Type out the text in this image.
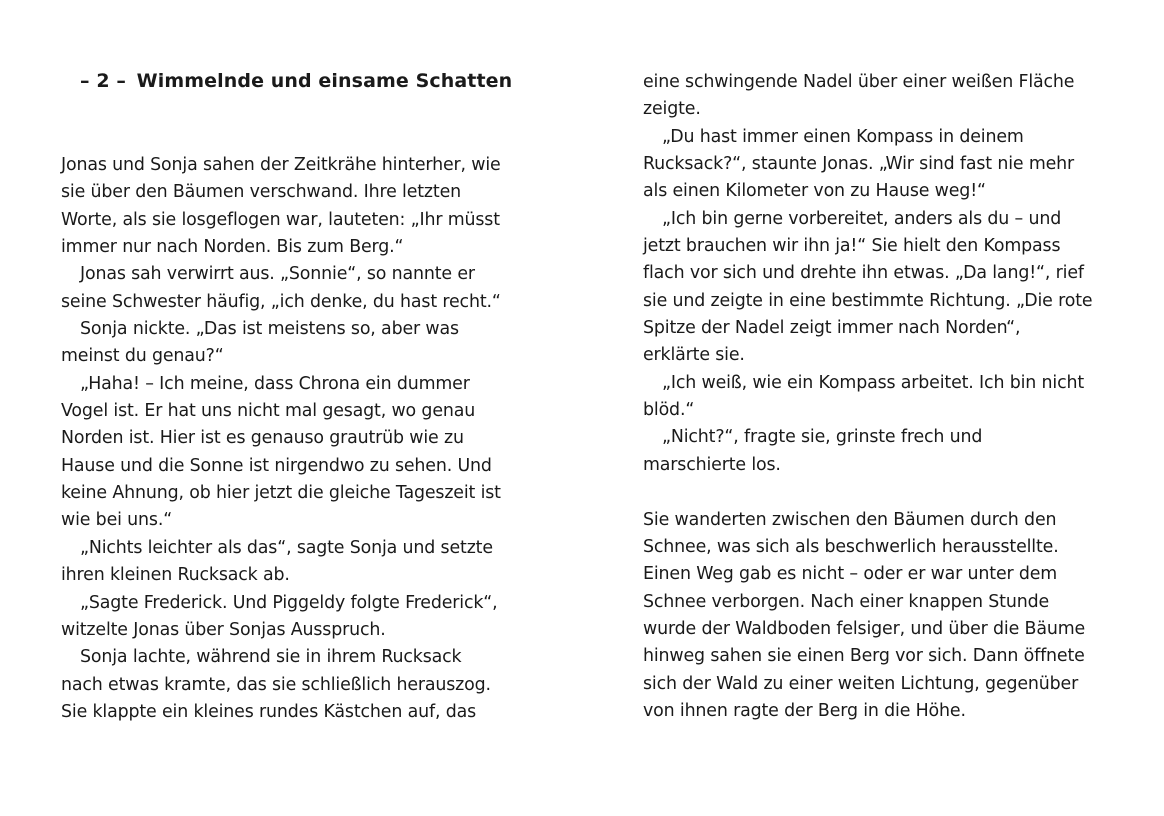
– 2 – Wimmelnde und einsame Schatten
Jonas und Sonja sahen der Zeitkrähe hinterher, wie
sie über den Bäumen verschwand. Ihre letzten
Worte, als sie losgeflogen war, lauteten: „Ihr müsst
immer nur nach Norden. Bis zum Berg.“
Jonas sah verwirrt aus. „Sonnie“, so nannte er
seine Schwester häufig, „ich denke, du hast recht.“
Sonja nickte. „Das ist meistens so, aber was
meinst du genau?“
„Haha! – Ich meine, dass Chrona ein dummer
Vogel ist. Er hat uns nicht mal gesagt, wo genau
Norden ist. Hier ist es genauso grautrüb wie zu
Hause und die Sonne ist nirgendwo zu sehen. Und
keine Ahnung, ob hier jetzt die gleiche Tageszeit ist
wie bei uns.“
„Nichts leichter als das“, sagte Sonja und setzte
ihren kleinen Rucksack ab.
„Sagte Frederick. Und Piggeldy folgte Frederick“,
witzelte Jonas über Sonjas Ausspruch.
Sonja lachte, während sie in ihrem Rucksack
nach etwas kramte, das sie schließlich herauszog.
Sie klappte ein kleines rundes Kästchen auf, das
eine schwingende Nadel über einer weißen Fläche
zeigte.
„Du hast immer einen Kompass in deinem
Rucksack?“, staunte Jonas. „Wir sind fast nie mehr
als einen Kilometer von zu Hause weg!“
„Ich bin gerne vorbereitet, anders als du – und
jetzt brauchen wir ihn ja!“ Sie hielt den Kompass
flach vor sich und drehte ihn etwas. „Da lang!“, rief
sie und zeigte in eine bestimmte Richtung. „Die rote
Spitze der Nadel zeigt immer nach Norden“,
erklärte sie.
„Ich weiß, wie ein Kompass arbeitet. Ich bin nicht
blöd.“
„Nicht?“, fragte sie, grinste frech und
marschierte los.
Sie wanderten zwischen den Bäumen durch den
Schnee, was sich als beschwerlich herausstellte.
Einen Weg gab es nicht – oder er war unter dem
Schnee verborgen. Nach einer knappen Stunde
wurde der Waldboden felsiger, und über die Bäume
hinweg sahen sie einen Berg vor sich. Dann öffnete
sich der Wald zu einer weiten Lichtung, gegenüber
von ihnen ragte der Berg in die Höhe.
